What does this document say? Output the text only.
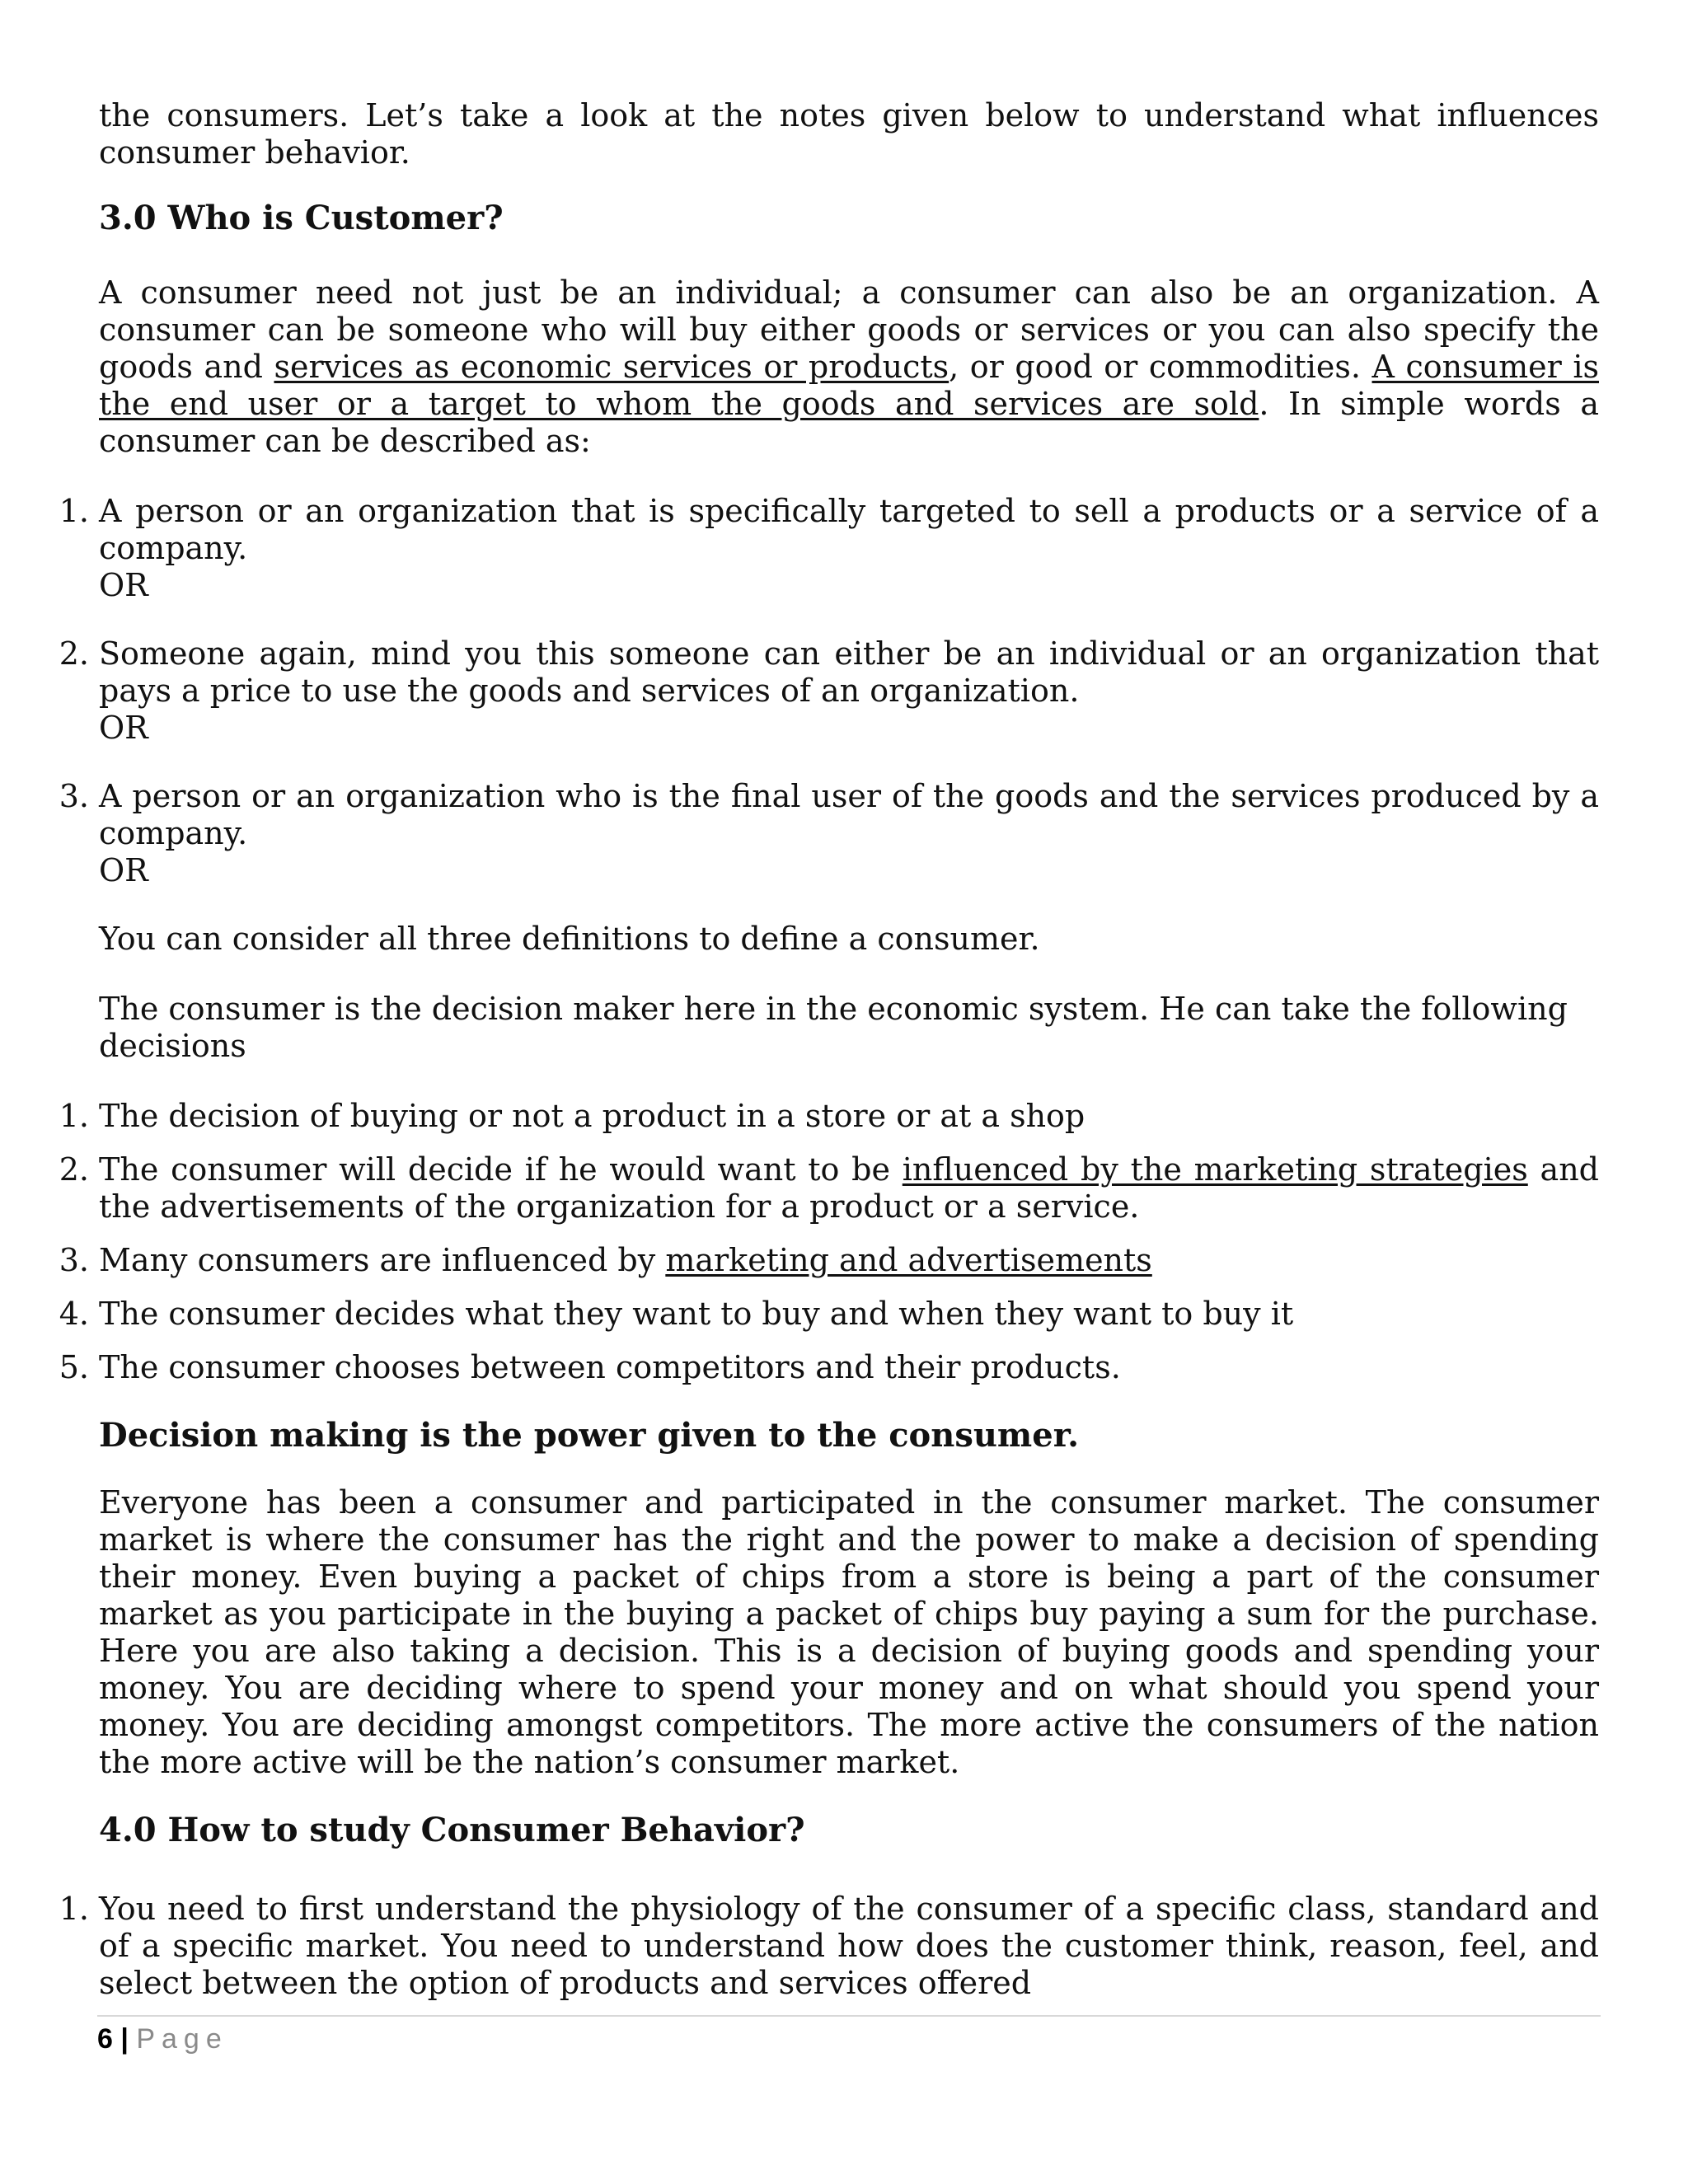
the consumers. Let’s take a look at the notes given below to understand what influences consumer behavior.

3.0 Who is Customer?

A consumer need not just be an individual; a consumer can also be an organization. A consumer can be someone who will buy either goods or services or you can also specify the goods and services as economic services or products, or good or commodities. A consumer is the end user or a target to whom the goods and services are sold. In simple words a consumer can be described as:

1. A person or an organization that is specifically targeted to sell a products or a service of a company.
OR
2. Someone again, mind you this someone can either be an individual or an organization that pays a price to use the goods and services of an organization.
OR
3. A person or an organization who is the final user of the goods and the services produced by a company.
OR

You can consider all three definitions to define a consumer.

The consumer is the decision maker here in the economic system. He can take the following decisions

1. The decision of buying or not a product in a store or at a shop
2. The consumer will decide if he would want to be influenced by the marketing strategies and the advertisements of the organization for a product or a service.
3. Many consumers are influenced by marketing and advertisements
4. The consumer decides what they want to buy and when they want to buy it
5. The consumer chooses between competitors and their products.
Decision making is the power given to the consumer.

Everyone has been a consumer and participated in the consumer market. The consumer market is where the consumer has the right and the power to make a decision of spending their money. Even buying a packet of chips from a store is being a part of the consumer market as you participate in the buying a packet of chips buy paying a sum for the purchase. Here you are also taking a decision. This is a decision of buying goods and spending your money. You are deciding where to spend your money and on what should you spend your money. You are deciding amongst competitors. The more active the consumers of the nation the more active will be the nation’s consumer market.

4.0 How to study Consumer Behavior?
1. You need to first understand the physiology of the consumer of a specific class, standard and of a specific market. You need to understand how does the customer think, reason, feel, and select between the option of products and services offered
6 | Page
